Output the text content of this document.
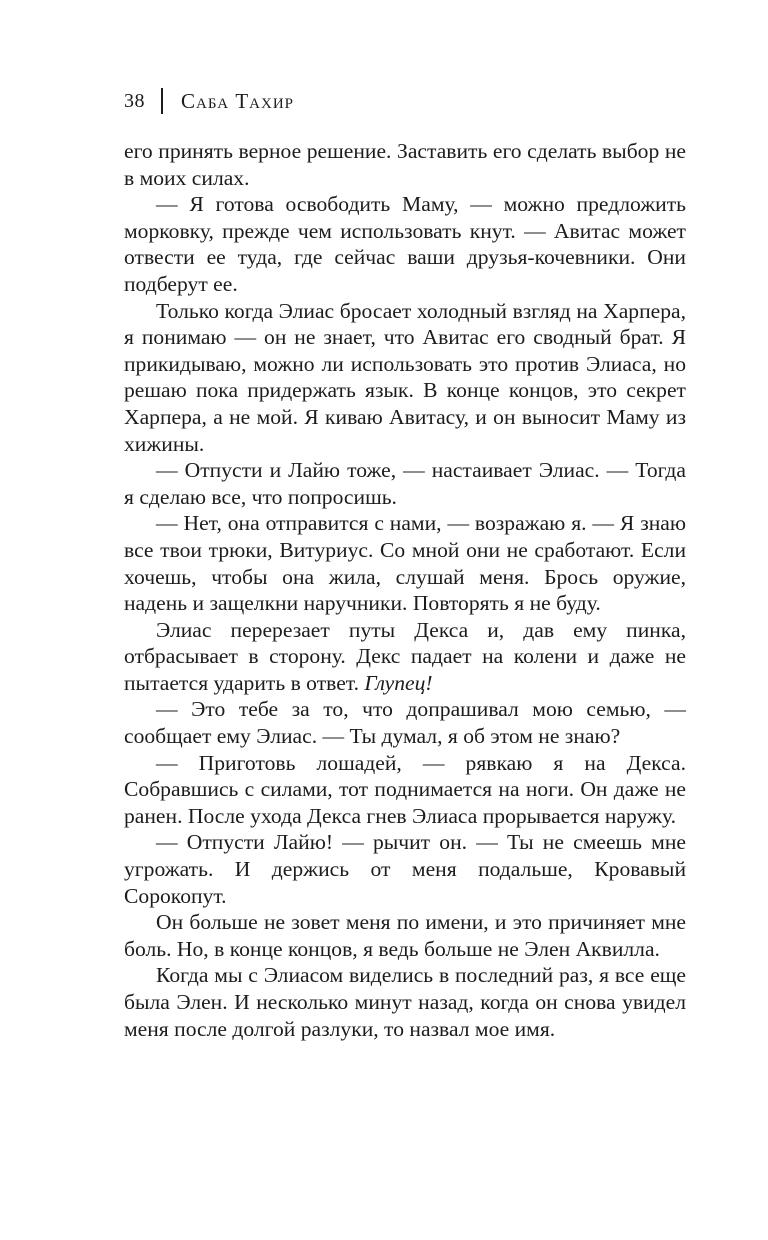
38 Саба Тахир

его принять верное решение. Заставить его сделать выбор не в моих силах.

— Я готова освободить Маму, — можно предложить морковку, прежде чем использовать кнут. — Авитас может отвести ее туда, где сейчас ваши друзья-кочевники. Они подберут ее.

Только когда Элиас бросает холодный взгляд на Харпера, я понимаю — он не знает, что Авитас его сводный брат. Я прикидываю, можно ли использовать это против Элиаса, но решаю пока придержать язык. В конце концов, это секрет Харпера, а не мой. Я киваю Авитасу, и он выносит Маму из хижины.

— Отпусти и Лайю тоже, — настаивает Элиас. — Тогда я сделаю все, что попросишь.

— Нет, она отправится с нами, — возражаю я. — Я знаю все твои трюки, Витуриус. Со мной они не сработают. Если хочешь, чтобы она жила, слушай меня. Брось оружие, надень и защелкни наручники. Повторять я не буду.

Элиас перерезает путы Декса и, дав ему пинка, отбрасывает в сторону. Декс падает на колени и даже не пытается ударить в ответ. Глупец!

— Это тебе за то, что допрашивал мою семью, — сообщает ему Элиас. — Ты думал, я об этом не знаю?

— Приготовь лошадей, — рявкаю я на Декса. Собравшись с силами, тот поднимается на ноги. Он даже не ранен. После ухода Декса гнев Элиаса прорывается наружу.

— Отпусти Лайю! — рычит он. — Ты не смеешь мне угрожать. И держись от меня подальше, Кровавый Сорокопут.

Он больше не зовет меня по имени, и это причиняет мне боль. Но, в конце концов, я ведь больше не Элен Аквилла.

Когда мы с Элиасом виделись в последний раз, я все еще была Элен. И несколько минут назад, когда он снова увидел меня после долгой разлуки, то назвал мое имя.
